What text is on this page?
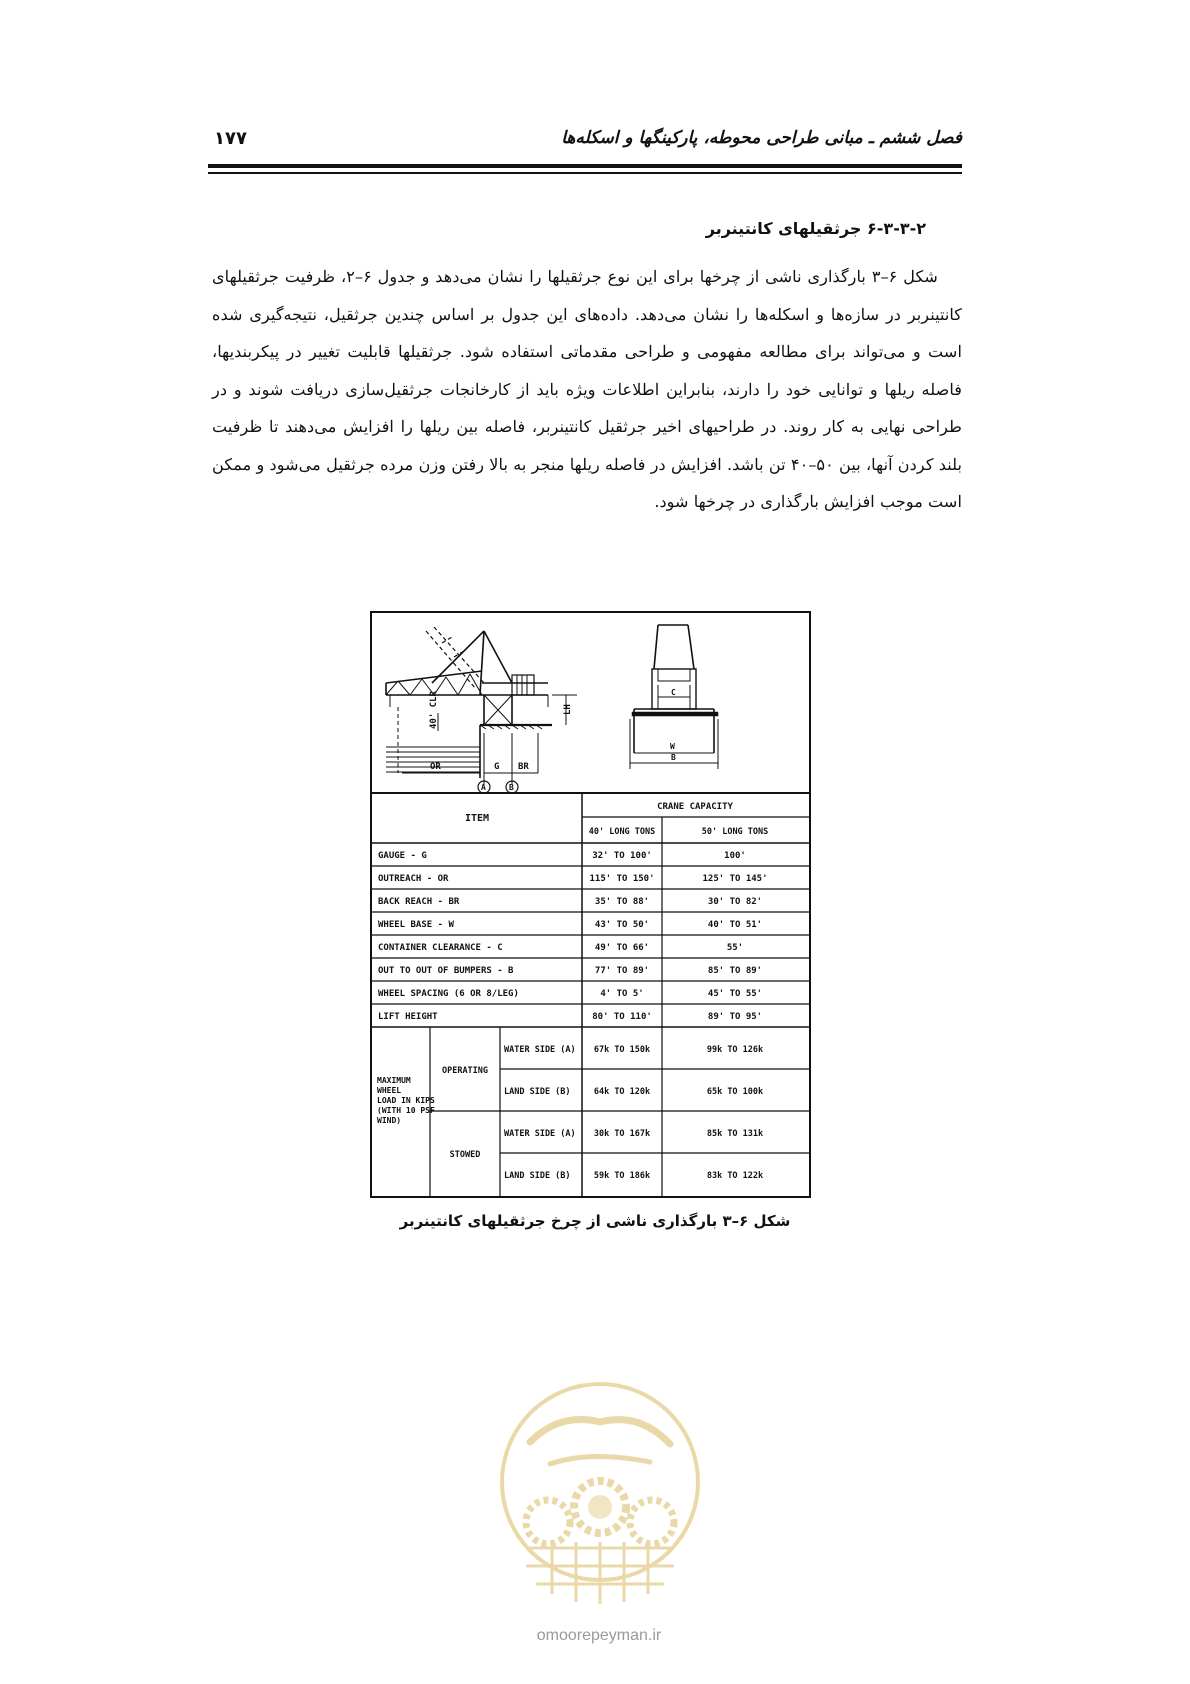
فصل ششم ـ مبانی طراحی محوطه، پارکینگها و اسکله‌ها
۱۷۷
۶-۳-۳-۲ جرثقیلهای کانتینربر
شکل ۶–۳ بارگذاری ناشی از چرخها برای این نوع جرثقیلها را نشان می‌دهد و جدول ۶–۲، ظرفیت جرثقیلهای کانتینربر در سازه‌ها و اسکله‌ها را نشان می‌دهد. داده‌های این جدول بر اساس چندین جرثقیل، نتیجه‌گیری شده است و می‌تواند برای مطالعه مفهومی و طراحی مقدماتی استفاده شود. جرثقیلها قابلیت تغییر در پیکربندیها، فاصله ریلها و توانایی خود را دارند، بنابراین اطلاعات ویژه باید از کارخانجات جرثقیل‌سازی دریافت شوند و در طراحی نهایی به کار روند. در طراحیهای اخیر جرثقیل کانتینربر، فاصله بین ریلها را افزایش می‌دهند تا ظرفیت بلند کردن آنها، بین ۵۰–۴۰ تن باشد. افزایش در فاصله ریلها منجر به بالا رفتن وزن مرده جرثقیل می‌شود و ممکن است موجب افزایش بارگذاری در چرخها شود.
40' CLR	LH
OR	G BR
A	B
C
W
B
ITEM
CRANE CAPACITY
40' LONG TONS	50' LONG TONS
GAUGE - G	32' TO 100'	100'
OUTREACH - OR	115' TO 150'	125' TO 145'
BACK REACH - BR	35' TO 88'	30' TO 82'
WHEEL BASE - W	43' TO 50'	40' TO 51'
CONTAINER CLEARANCE - C	49' TO 66'	55'
OUT TO OUT OF BUMPERS - B	77' TO 89'	85' TO 89'
WHEEL SPACING (6 OR 8/LEG)	4' TO 5'	45' TO 55'
LIFT HEIGHT	80' TO 110'	89' TO 95'
MAXIMUM
WHEEL
LOAD IN KIPS
(WITH 10 PSF
WIND)
OPERATING
STOWED
WATER SIDE (A) 67k TO 150k	99k TO 126k
LAND SIDE (B)	64k TO 120k	65k TO 100k
WATER SIDE (A) 30k TO 167k	85k TO 131k
LAND SIDE (B)	59k TO 186k	83k TO 122k
شکل ۶–۳ بارگذاری ناشی از چرخ جرثقیلهای کانتینربر
omoorepeyman.ir
